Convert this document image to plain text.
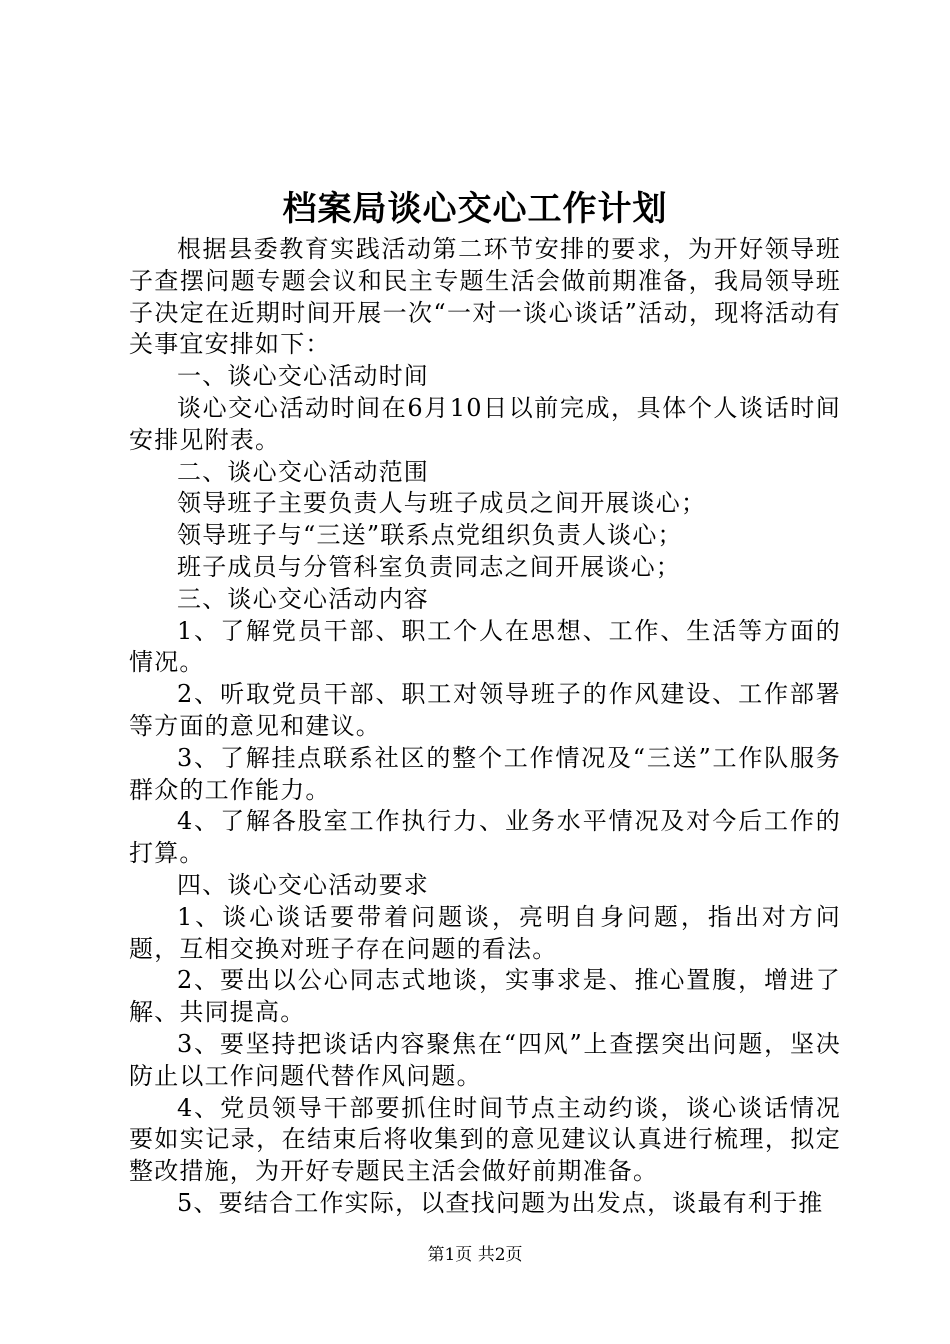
档案局谈心交心工作计划

根据县委教育实践活动第二环节安排的要求，为开好领导班子查摆问题专题会议和民主专题生活会做前期准备，我局领导班子决定在近期时间开展一次“一对一谈心谈话”活动，现将活动有关事宜安排如下：

一、谈心交心活动时间

谈心交心活动时间在6月10日以前完成，具体个人谈话时间安排见附表。

二、谈心交心活动范围

领导班子主要负责人与班子成员之间开展谈心；

领导班子与“三送”联系点党组织负责人谈心；

班子成员与分管科室负责同志之间开展谈心；

三、谈心交心活动内容

1、了解党员干部、职工个人在思想、工作、生活等方面的情况。

2、听取党员干部、职工对领导班子的作风建设、工作部署等方面的意见和建议。

3、了解挂点联系社区的整个工作情况及“三送”工作队服务群众的工作能力。

4、了解各股室工作执行力、业务水平情况及对今后工作的打算。

四、谈心交心活动要求

1、谈心谈话要带着问题谈，亮明自身问题，指出对方问题，互相交换对班子存在问题的看法。

2、要出以公心同志式地谈，实事求是、推心置腹，增进了解、共同提高。

3、要坚持把谈话内容聚焦在“四风”上查摆突出问题，坚决防止以工作问题代替作风问题。

4、党员领导干部要抓住时间节点主动约谈，谈心谈话情况要如实记录，在结束后将收集到的意见建议认真进行梳理，拟定整改措施，为开好专题民主活会做好前期准备。

5、要结合工作实际，以查找问题为出发点，谈最有利于推

第1页 共2页
